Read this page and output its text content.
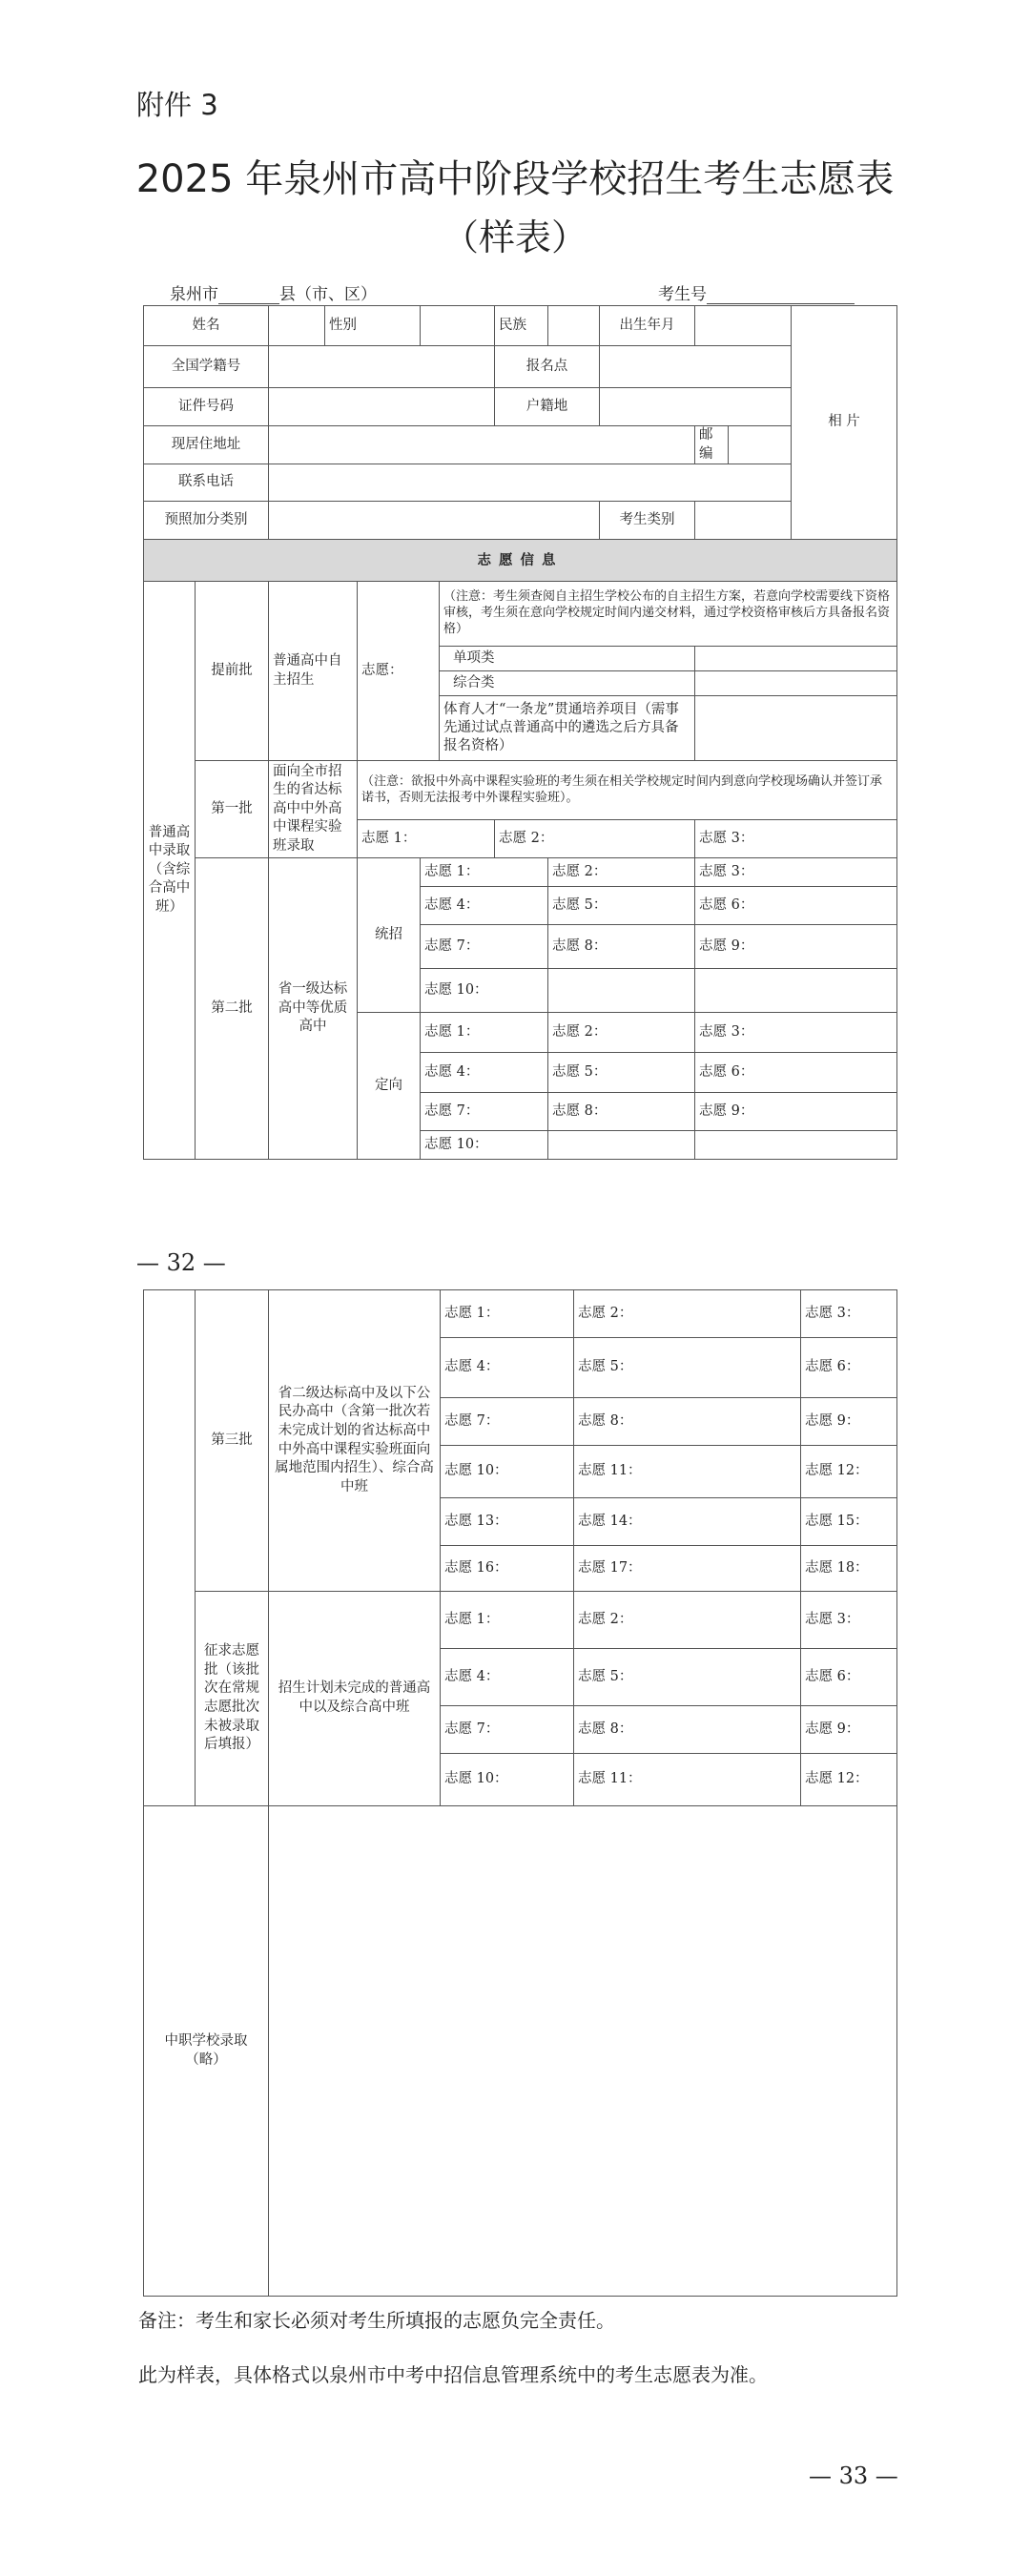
附件 3
2025 年泉州市高中阶段学校招生考生志愿表
（样表）
泉州市	县（市、区）	考生号
姓名			性别				民族		出生年月			相 片
全国学籍号							报名点					
证件号码							户籍地					
现居住地址										邮编		
联系电话												
预照加分类别									考生类别			
志愿信息												
普通高中录取（含综合高中班）	提前批	普通高中自主招生		志愿：		（注意：考生须查阅自主招生学校公布的自主招生方案，若意向学校需要线下资格审核，考生须在意向学校规定时间内递交材料，通过学校资格审核后方具备报名资格）						
						单项类						
						综合类						
						体育人才“一条龙”贯通培养项目（需事先通过试点普通高中的遴选之后方具备报名资格）						
	第一批	面向全市招生的省达标高中中外高中课程实验班录取		（注意：欲报中外高中课程实验班的考生须在相关学校规定时间内到意向学校现场确认并签订承诺书，否则无法报考中外课程实验班）。								
				志愿 1：			志愿 2：			志愿 3：		
	第二批	省一级达标高中等优质高中		统招	志愿 1：			志愿 2：		志愿 3：		
					志愿 4：			志愿 5：		志愿 6：		
					志愿 7：			志愿 8：		志愿 9：		
					志愿 10：							
				定向	志愿 1：			志愿 2：		志愿 3：		
					志愿 4：			志愿 5：		志愿 6：		
					志愿 7：			志愿 8：		志愿 9：		
					志愿 10：							
— 32 —
	第三批	省二级达标高中及以下公民办高中（含第一批次若未完成计划的省达标高中中外高中课程实验班面向属地范围内招生）、综合高中班	志愿 1：	志愿 2：	志愿 3：
			志愿 4：	志愿 5：	志愿 6：
			志愿 7：	志愿 8：	志愿 9：
			志愿 10：	志愿 11：	志愿 12：
			志愿 13：	志愿 14：	志愿 15：
			志愿 16：	志愿 17：	志愿 18：
	征求志愿批（该批次在常规志愿批次未被录取后填报）	招生计划未完成的普通高中以及综合高中班	志愿 1：	志愿 2：	志愿 3：
			志愿 4：	志愿 5：	志愿 6：
			志愿 7：	志愿 8：	志愿 9：
			志愿 10：	志愿 11：	志愿 12：
中职学校录取（略）					
备注：考生和家长必须对考生所填报的志愿负完全责任。
此为样表，具体格式以泉州市中考中招信息管理系统中的考生志愿表为准。
— 33 —
